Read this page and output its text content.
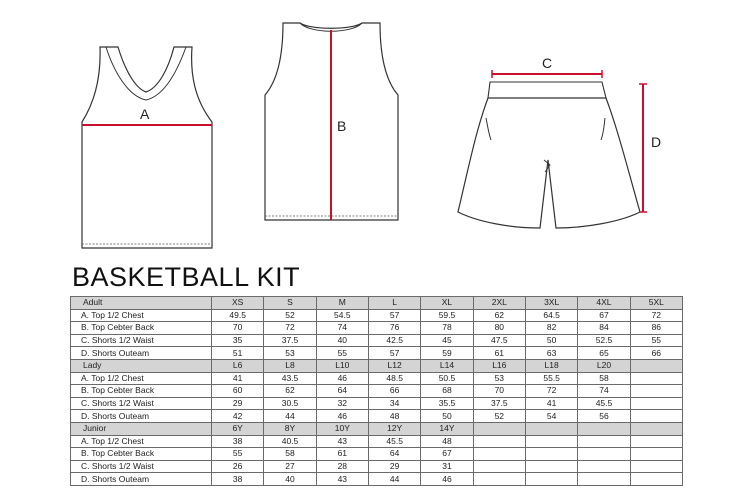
A
B
C
D
BASKETBALL KIT
Adult	XS	S	M	L	XL	2XL	3XL	4XL	5XL
A. Top 1/2 Chest	49.5	52	54.5	57	59.5	62	64.5	67	72
B. Top Cebter Back	70	72	74	76	78	80	82	84	86
C. Shorts 1/2 Waist	35	37.5	40	42.5	45	47.5	50	52.5	55
D. Shorts Outeam	51	53	55	57	59	61	63	65	66
Lady	L6	L8	L10	L12	L14	L16	L18	L20	
A. Top 1/2 Chest	41	43.5	46	48.5	50.5	53	55.5	58	
B. Top Cebter Back	60	62	64	66	68	70	72	74	
C. Shorts 1/2 Waist	29	30.5	32	34	35.5	37.5	41	45.5	
D. Shorts Outeam	42	44	46	48	50	52	54	56	
Junior	6Y	8Y	10Y	12Y	14Y				
A. Top 1/2 Chest	38	40.5	43	45.5	48				
B. Top Cebter Back	55	58	61	64	67				
C. Shorts 1/2 Waist	26	27	28	29	31				
D. Shorts Outeam	38	40	43	44	46				
